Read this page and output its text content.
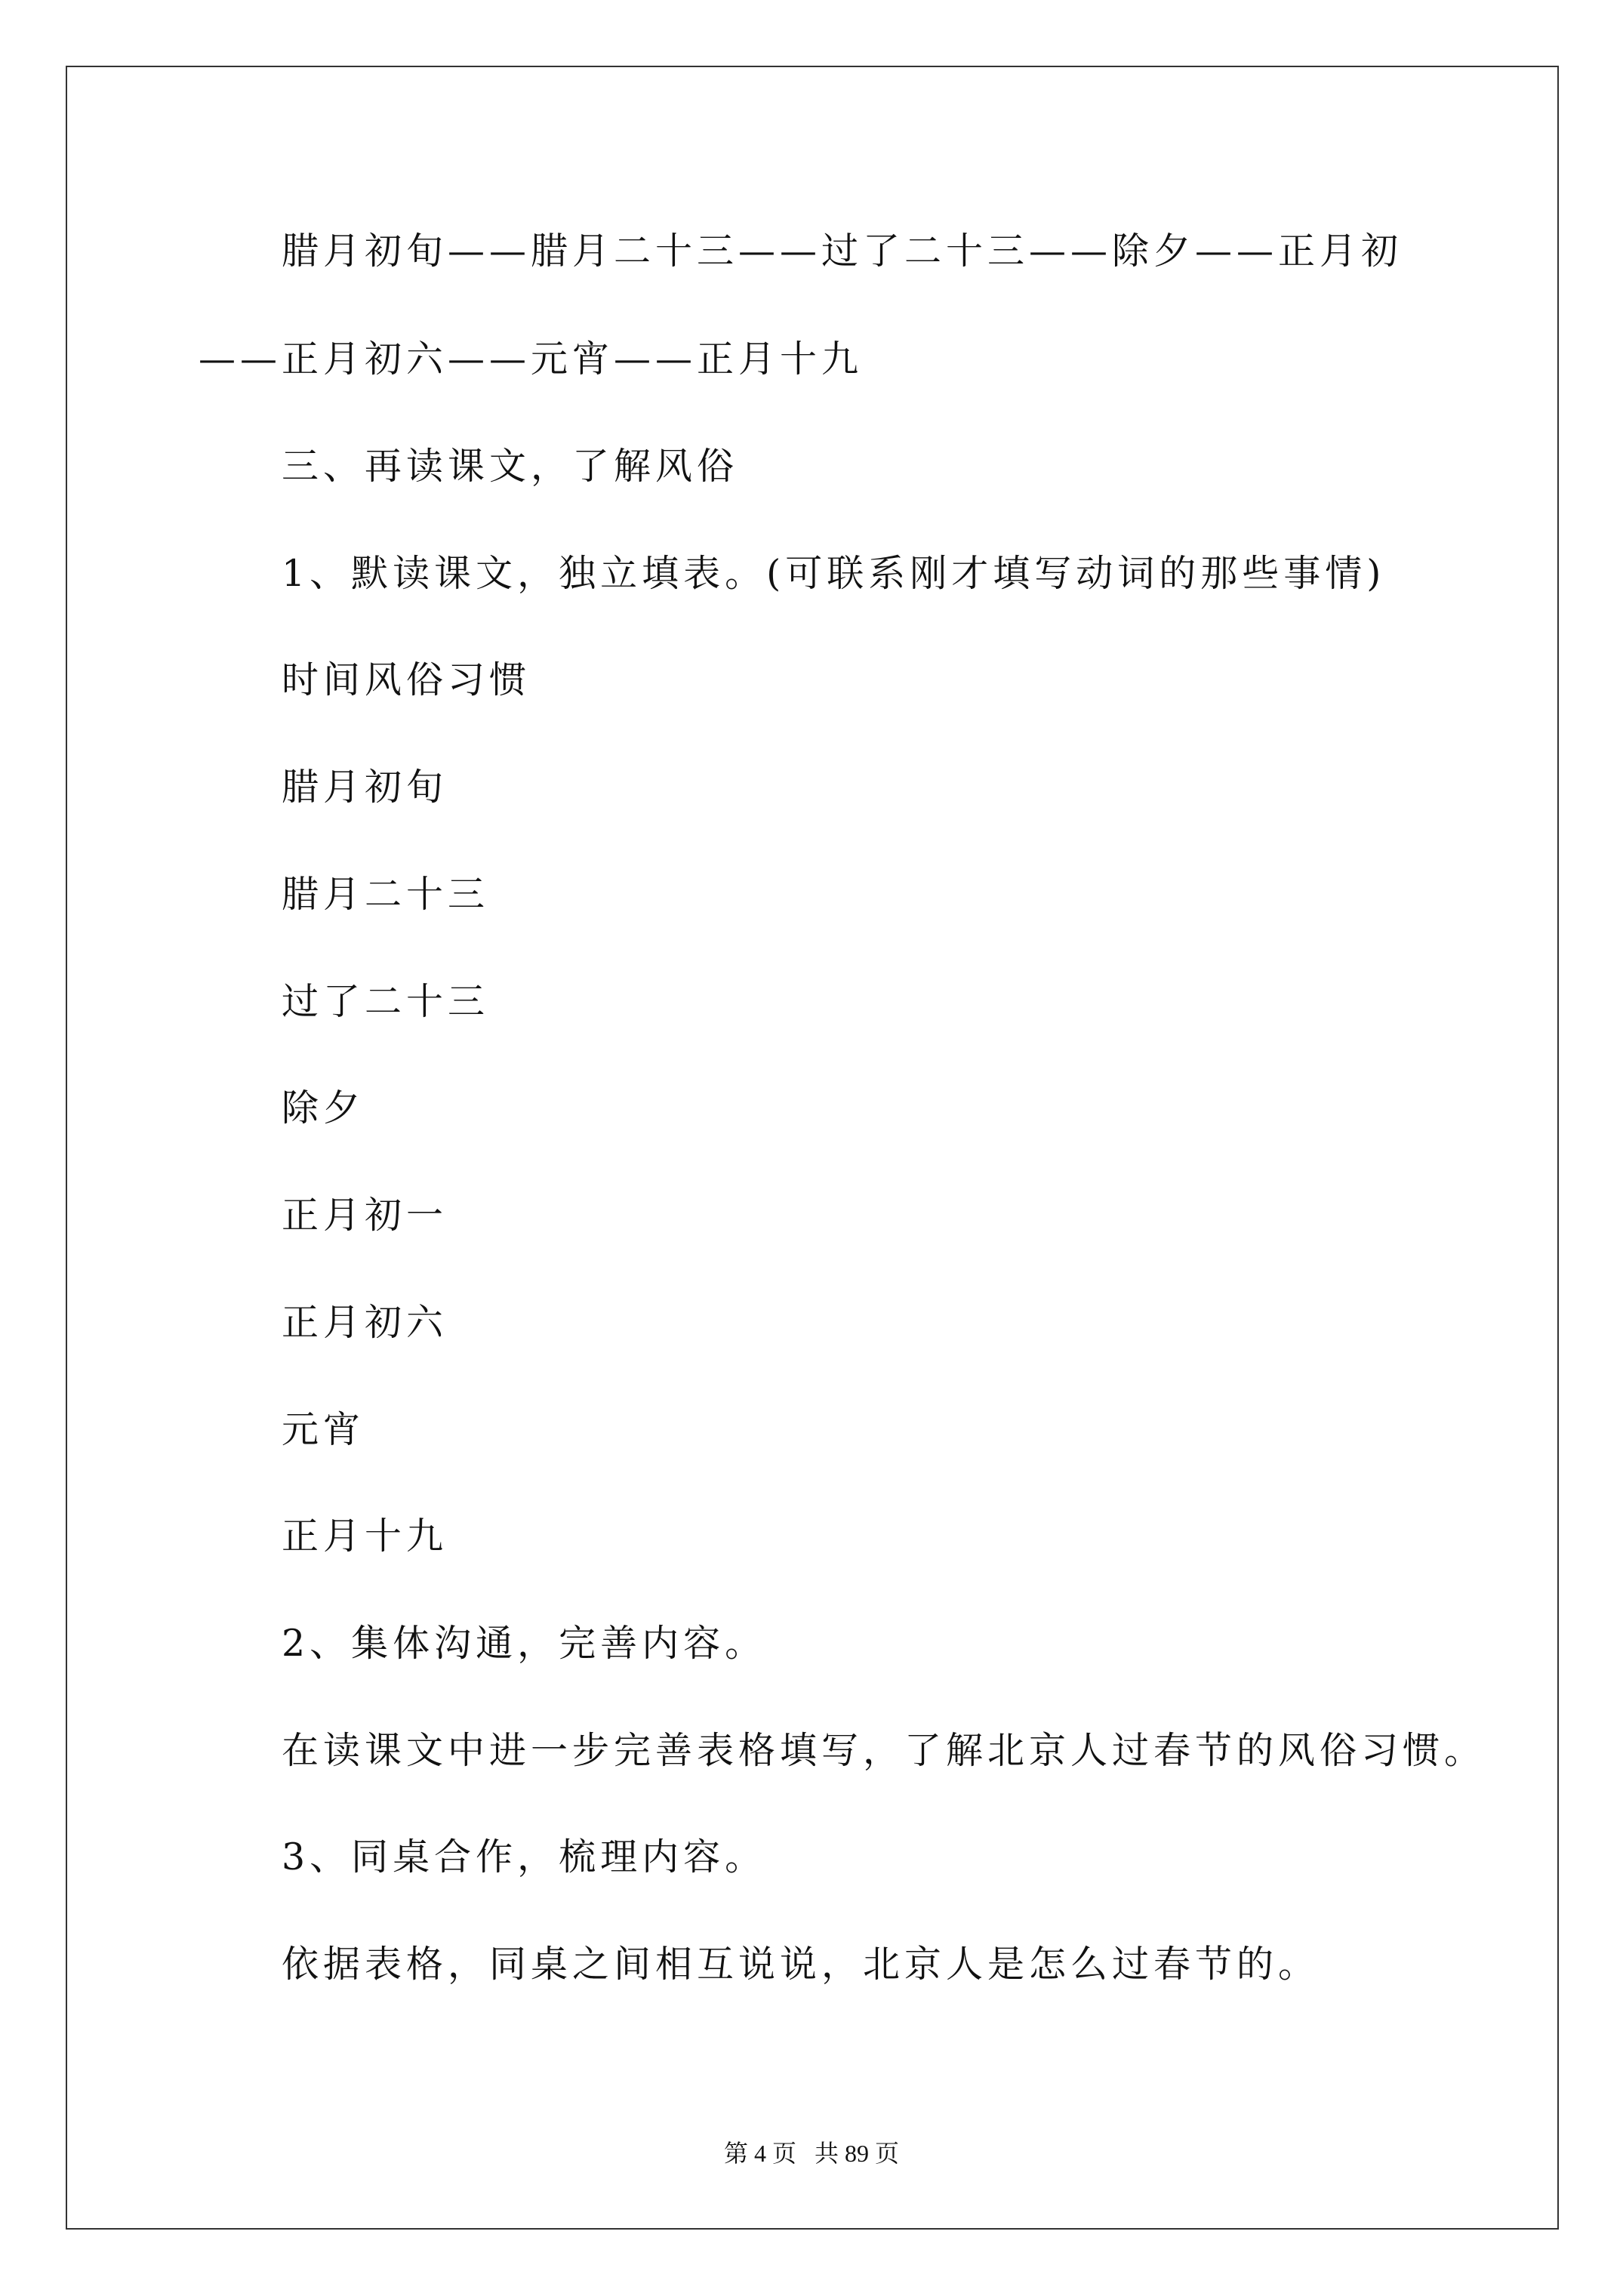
腊月初旬——腊月二十三——过了二十三——除夕——正月初
——正月初六——元宵——正月十九
三、再读课文，了解风俗
1、默读课文，独立填表。(可联系刚才填写动词的那些事情)
时间风俗习惯
腊月初旬
腊月二十三
过了二十三
除夕
正月初一
正月初六
元宵
正月十九
2、集体沟通，完善内容。
在读课文中进一步完善表格填写，了解北京人过春节的风俗习惯。
3、同桌合作，梳理内容。
依据表格，同桌之间相互说说，北京人是怎么过春节的。
第 4 页   共 89 页
